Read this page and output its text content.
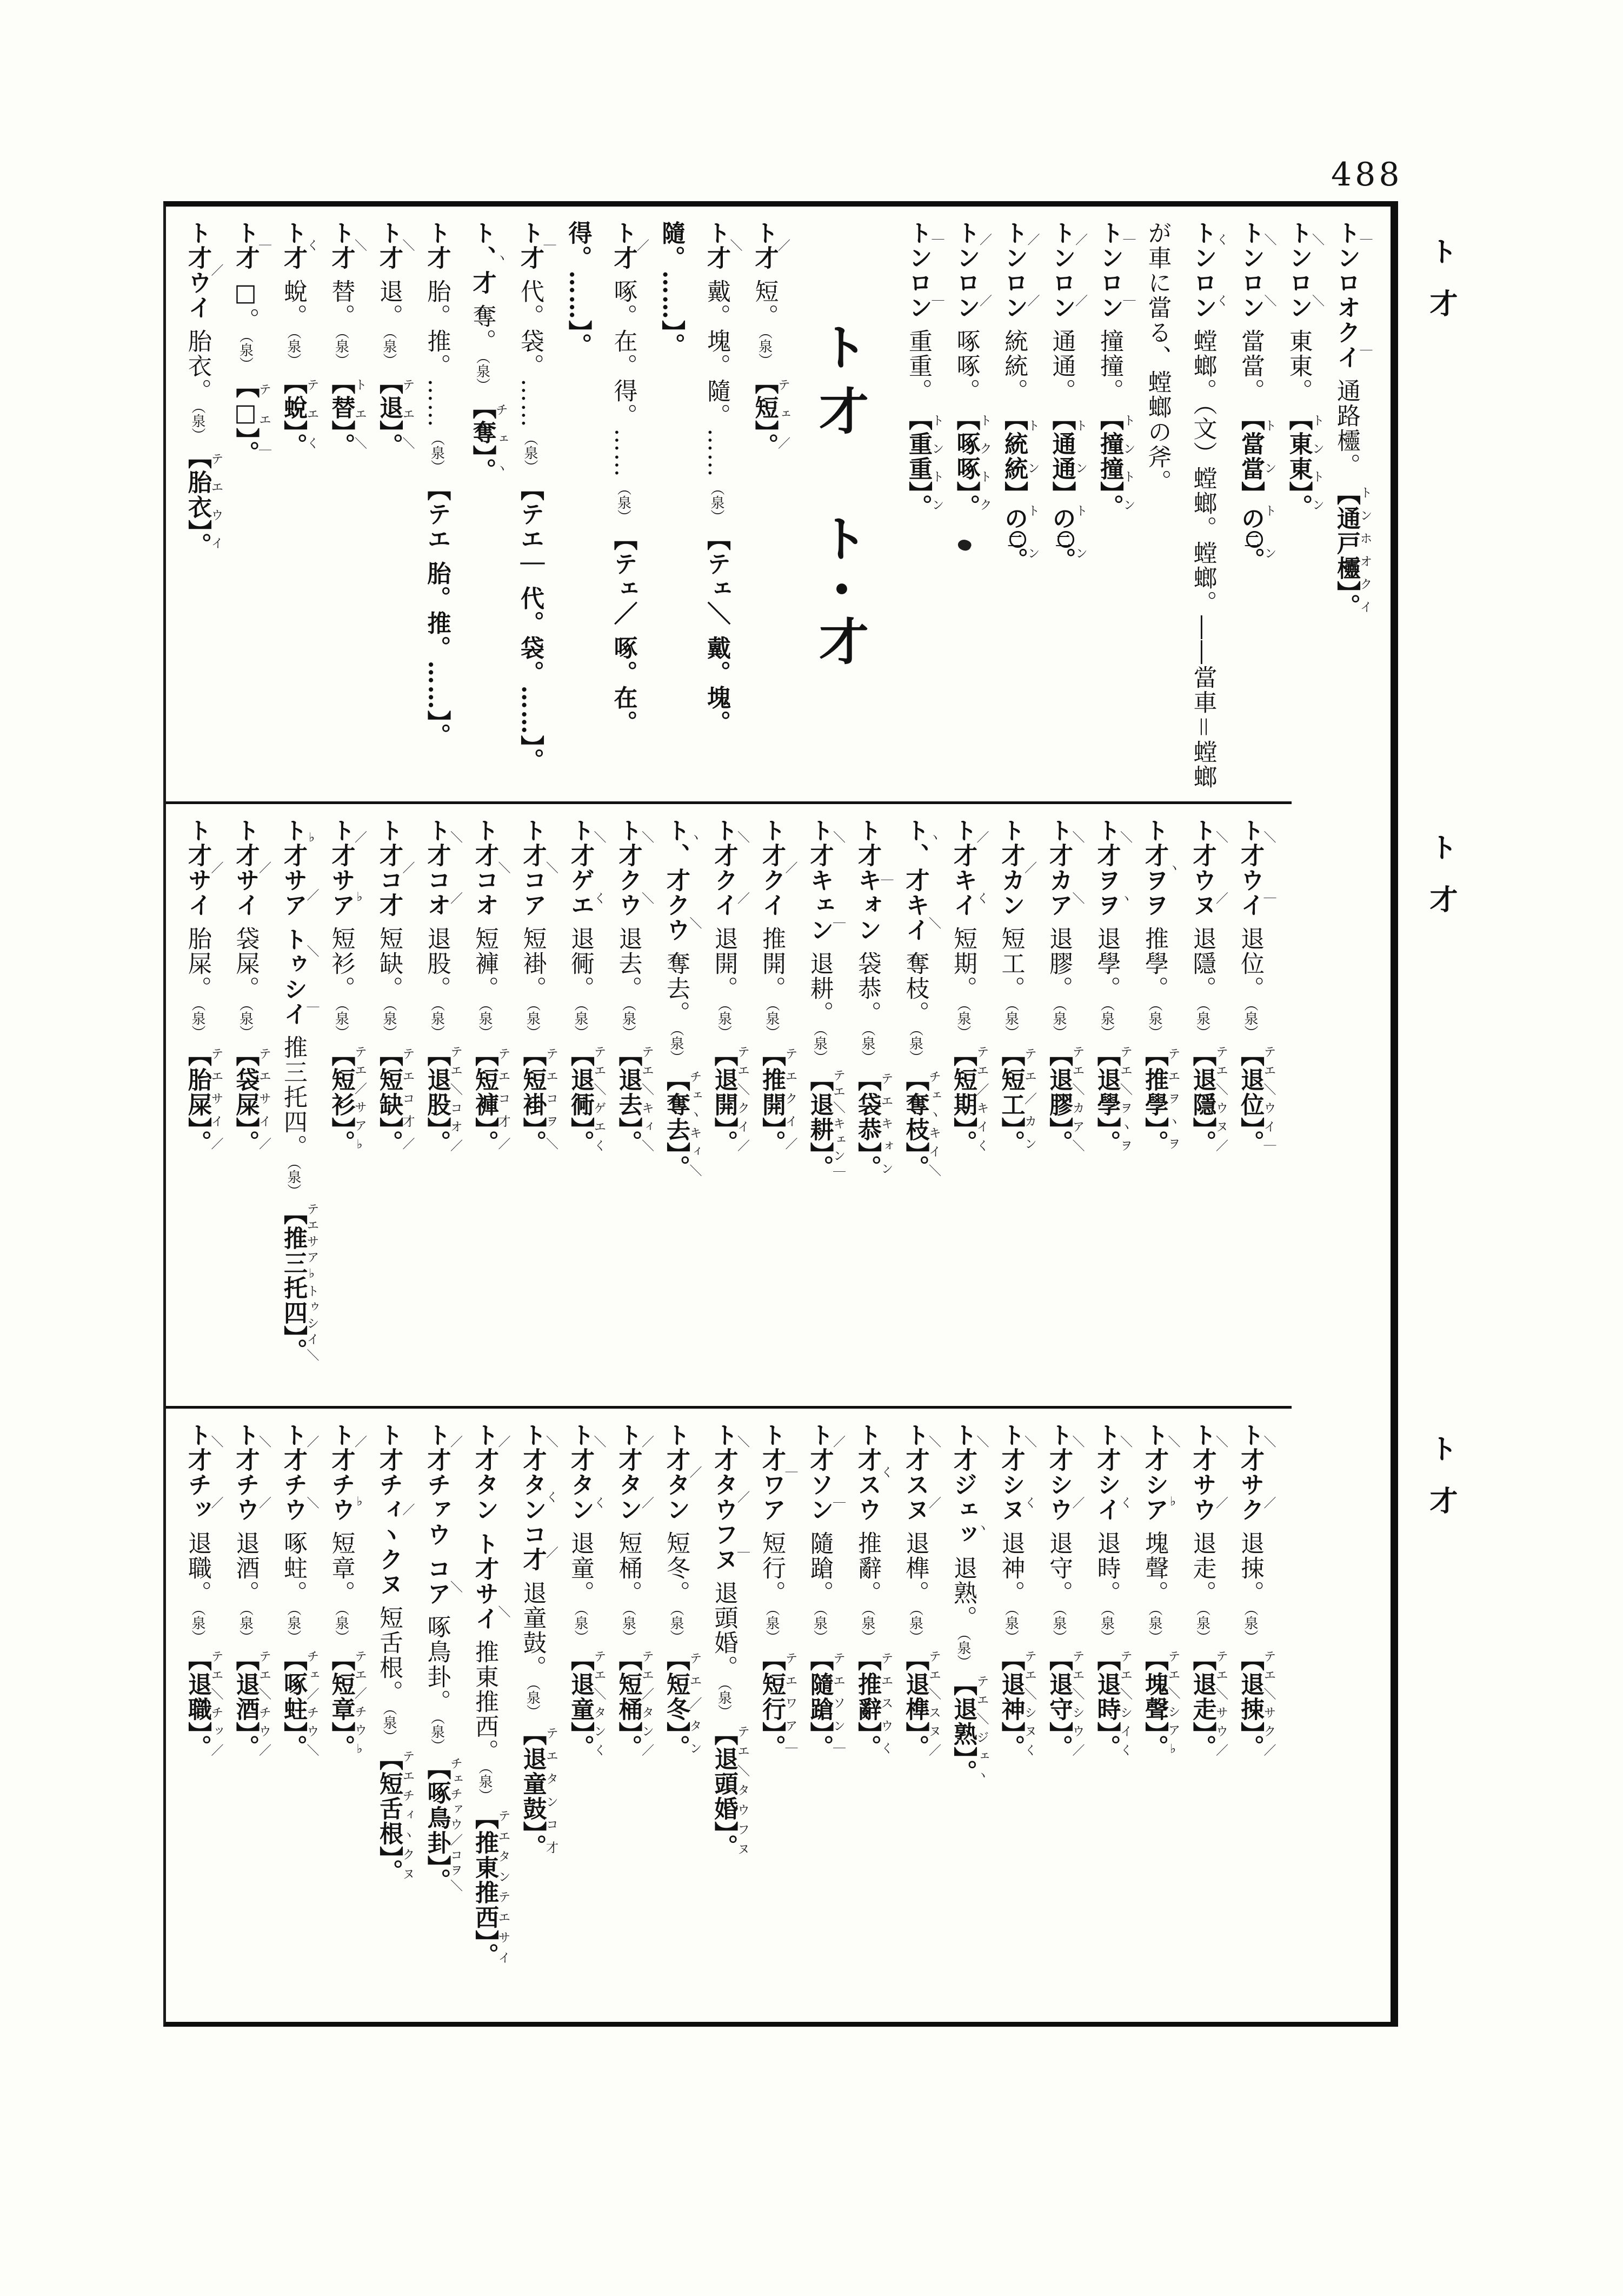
488
ト才
ト才
ト才
トンロオクイ｜｜通路欞。【通戸欞】。トンホオクイ
トンロン＼＼東東。【東東】。トントン
トンロン＼＼當當。【當當】の二。トントン
トンロンくく螳螂。（文）螳螂。螳螂。――當車＝螳螂が車に當る、螳螂の斧。
トンロン｜｜撞撞。【撞撞】。トントン
トンロン／／通通。【通通】の二。トントン
トンロン／／統統。【統統】の二。トントン
トンロン／／啄啄。【啄啄】。トクトク
トンロン｜｜重重。【重重】。トントン
ト才　ト･才
ト才／短。（泉）【短】。テェ／
ト才＼戴。塊。隨。……（泉）【テェ＼ 戴。塊。隨。……】。
ト才／啄。在。得。……（泉）【テェ／ 啄。在。得。……】。
ト才｜代。袋。……（泉）【テエ｜ 代。袋。……】。
ト、才ヽ奪。（泉）【奪】。チェヽ
ト才胎。推。……（泉）【テエ 胎。推。……】。
ト才＼退。（泉）【退】。テエ＼
ト才＼替。（泉）【替】。トエ＼
ト才く蛻。（泉）【蛻】。テエく
ト才｜□。（泉）【□】。テエ｜
ト才ウイ／胎衣。（泉）【胎衣】。テエウイ
ト才ウイ＼｜退位。（泉）【退位】。テエ＼ウイ｜
ト才ウヌ＼／退隱。（泉）【退隱】。テエ＼ウヌ／
ト才ヲヲヽ推學。（泉）【推學】。テエヲヽヲ
ト才ヲヲ＼ヽ退學。（泉）【退學】。テエ＼ヲヽヲ
ト才カア＼＼退膠。（泉）【退膠】。テエ＼カア＼
ト才カン／短工。（泉）【短工】。テエ／カン
ト才キイ／く短期。（泉）【短期】。テエ／キイく
ト、才キイヽ＼奪枝。（泉）【奪枝】。チェヽキイ＼
ト才キォン｜袋恭。（泉）【袋恭】。テエキォン
ト才キェン＼｜退耕。（泉）【退耕】。テエ＼キェン｜
ト才クイ／推開。（泉）【推開】。テエクイ／
ト才クイ＼／退開。（泉）【退開】。テエ＼クイ／
ト、才クウヽ＼奪去。（泉）【奪去】。チェヽキィ＼
ト才クウ＼＼退去。（泉）【退去】。テエ＼キィ＼
ト才ゲエ＼く退衕。（泉）【退衕】。テエ＼ゲエく
ト才コア＼短褂。（泉）【短褂】。テエコヲ＼
ト才コオ＼短褲。（泉）【短褲】。テエコ才／
ト才コオ＼／退股。（泉）【退股】。テエ＼コオ／
ト才コ才／短缺。（泉）【短缺】。テエコ才／
ト才サア／♭短衫。（泉）【短衫】。テエ／サア♭
ト才サア トゥシイ♭／＼｜推三托四。（泉）【推三托四】。テエサア♭トゥシイ＼
ト才サイ／袋屎。（泉）【袋屎】。テエサイ／
ト才サイ／胎屎。（泉）【胎屎】。テエサイ／
ト才サク＼／退捒。（泉）【退捒】。テエ＼サク／
ト才サウ＼／退走。（泉）【退走】。テエ＼サウ／
ト才シア＼♭塊聲。（泉）【塊聲】。テエ＼シア♭
ト才シイ＼く退時。（泉）【退時】。テエ＼シイく
ト才シウ＼／退守。（泉）【退守】。テエ＼シウ／
ト才シヌ＼く退神。（泉）【退神】。テエ＼シヌく
ト才ジェッ＼ヽ退熟。（泉）【退熟】。テエ＼ジェヽ
ト才スヌ＼／退榫。（泉）【退榫】。テエ＼スヌ／
ト才スウく推辭。（泉）【推辭】。テエスウく
ト才ソン／｜隨蹌。（泉）【隨蹌】。テエソン｜
ト才ワア｜短行。（泉）【短行】。テエワア｜
ト才タウフヌ＼／｜退頭婚。（泉）【退頭婚】。テエ＼タウフヌ
ト才タン／短冬。（泉）【短冬】。テエ／タン
ト才タン／／短桶。（泉）【短桶】。テエ／タン／
ト才タン＼く退童。（泉）【退童】。テエ＼タンく
ト才タンコ才＼く／退童鼓。（泉）【退童鼓】。テエタンコ才
ト才タン ト才サイ／＼推東推西。（泉）【推東推西】。テエタンテエサイ
ト才チァウ コア／＼啄鳥卦。（泉）【啄鳥卦】。チェチァウ／コヲ＼
ト才チィヽクヌ／短舌根。（泉）【短舌根】。テエチィヽクヌ
ト才チウ／♭短章。（泉）【短章】。テエ／チウ♭
ト才チウ／＼啄蛀。（泉）【啄蛀】。チェ／チウ＼
ト才チウ＼／退酒。（泉）【退酒】。テエ＼チウ／
ト才チッ＼／退職。（泉）【退職】。テエ＼チッ／
